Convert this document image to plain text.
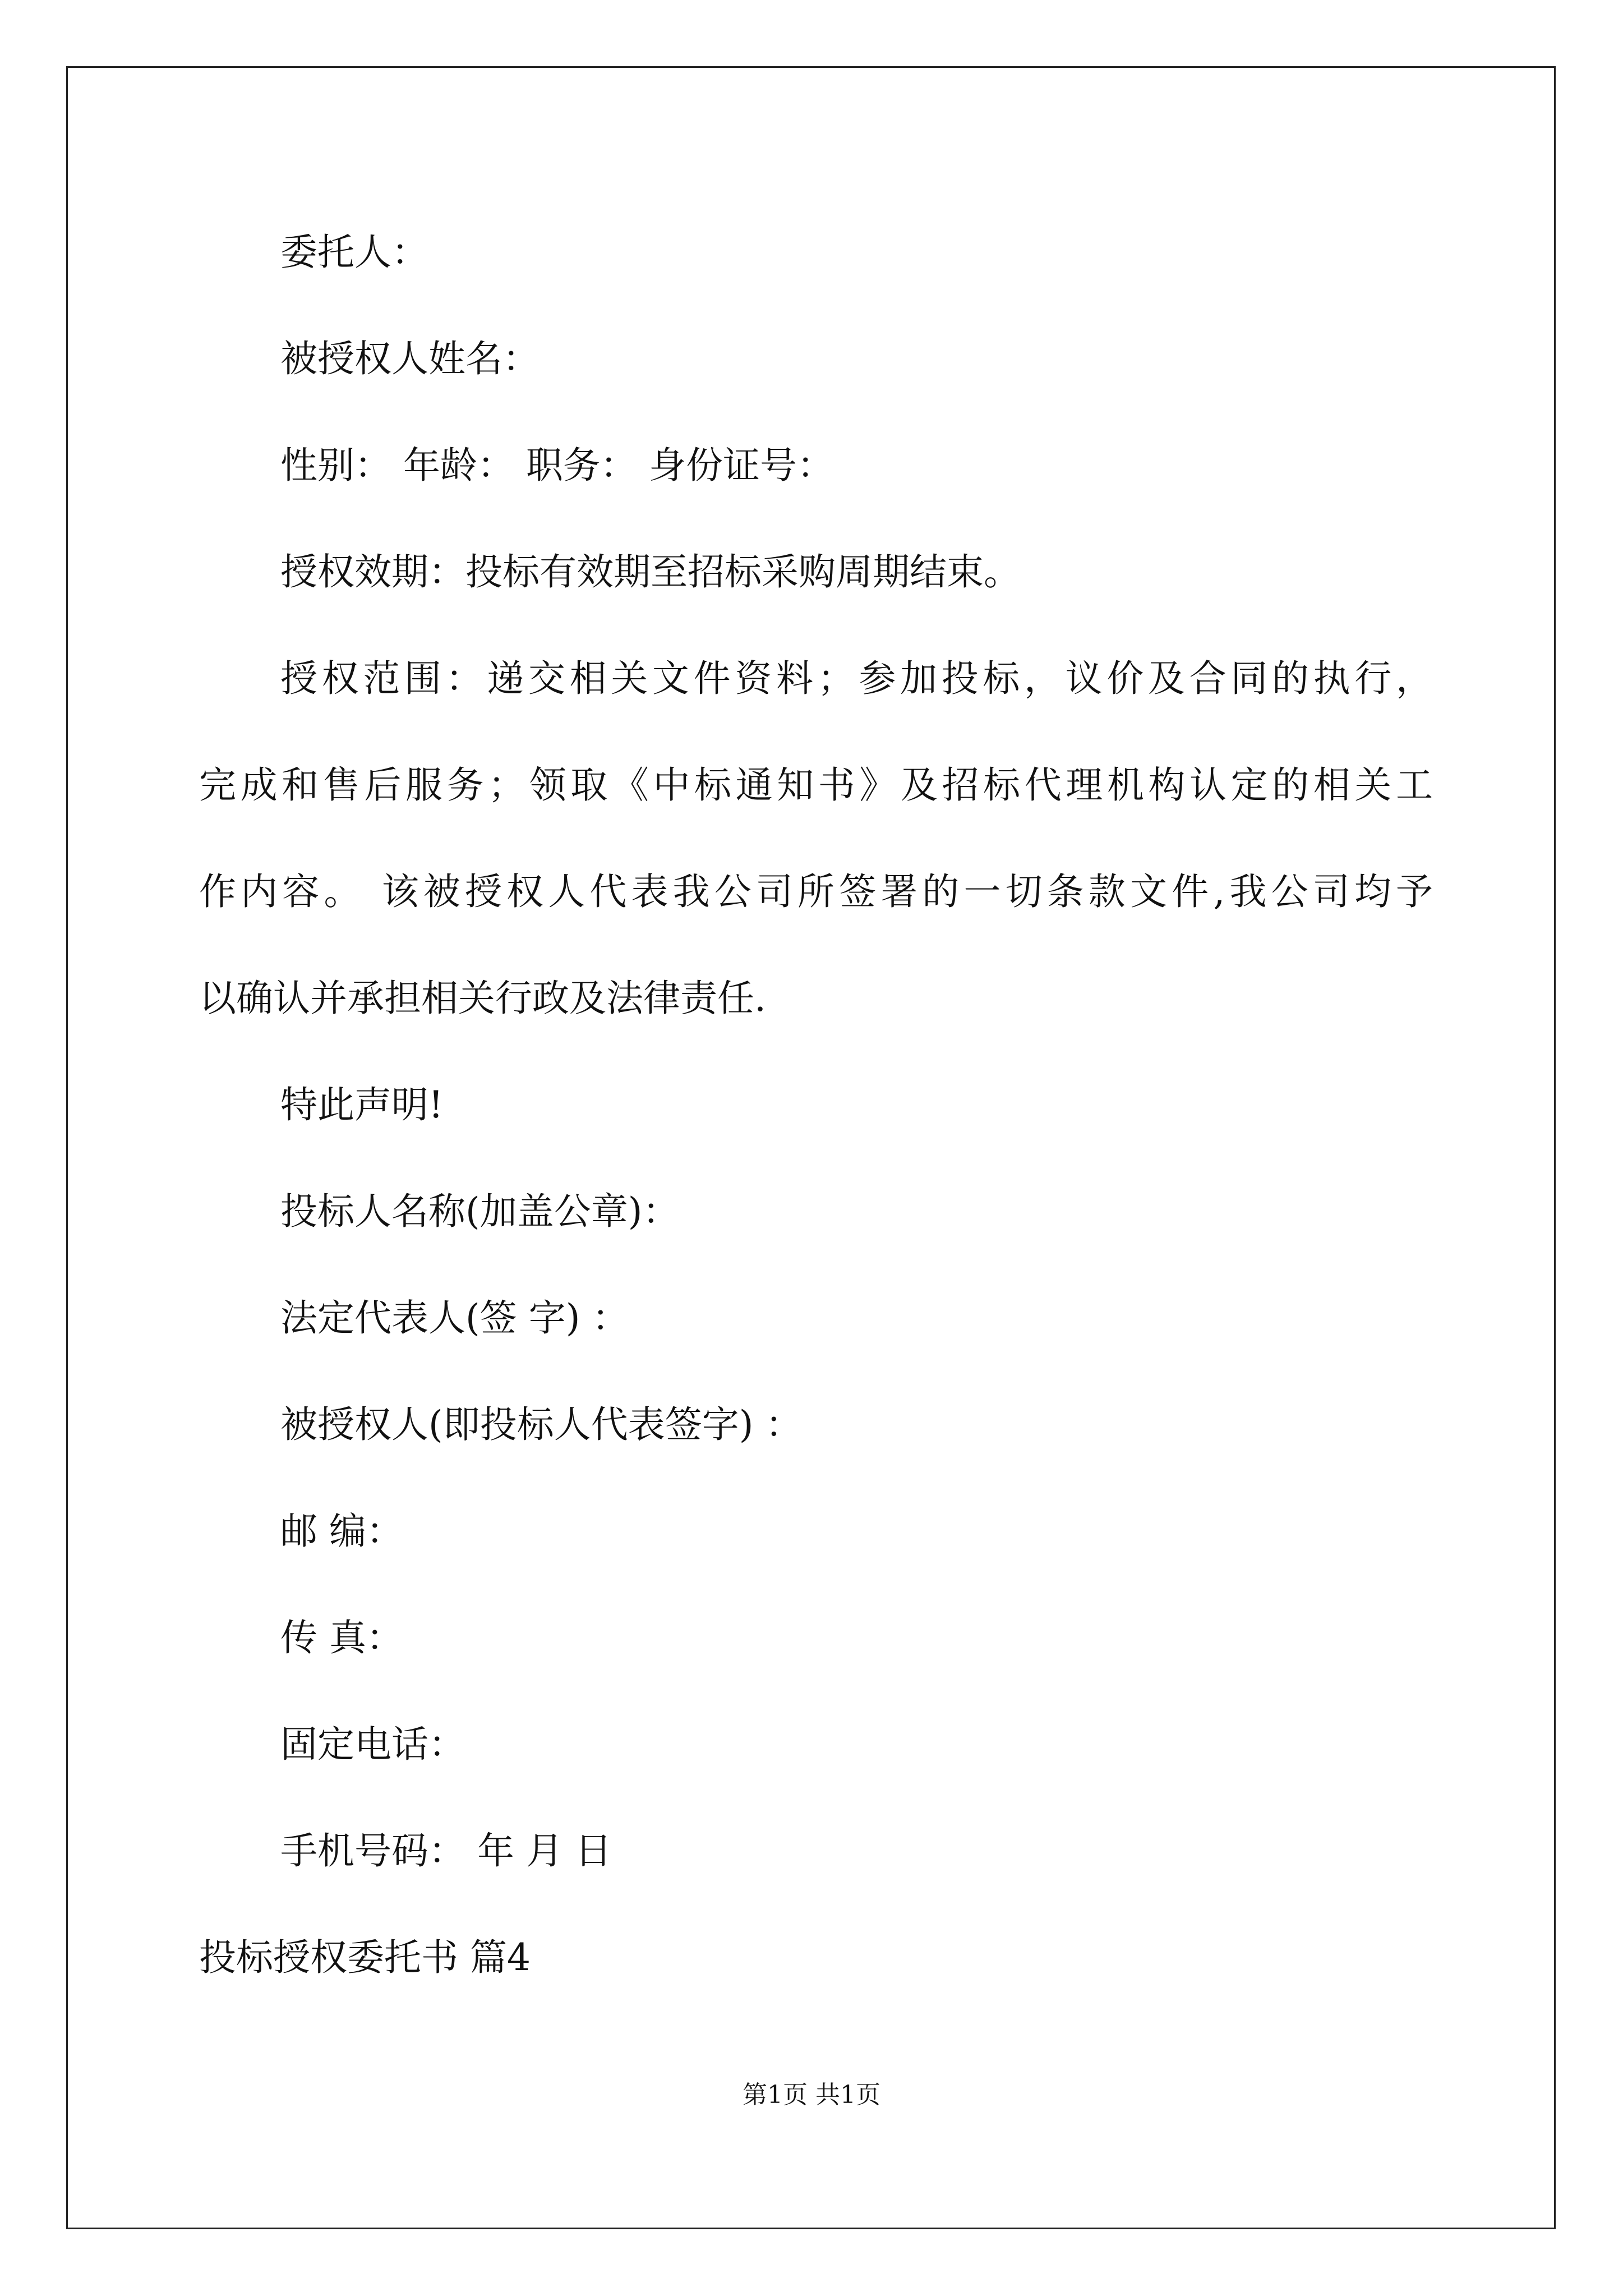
委托人：
被授权人姓名：
性别： 年龄： 职务： 身份证号：
授权效期：投标有效期至招标采购周期结束。
授权范围：递交相关文件资料；参加投标，议价及合同的执行，
完成和售后服务；领取《中标通知书》及招标代理机构认定的相关工
作内容。 该被授权人代表我公司所签署的一切条款文件,我公司均予
以确认并承担相关行政及法律责任.
特此声明!
投标人名称(加盖公章)：
法定代表人(签 字) ：
被授权人(即投标人代表签字) ：
邮 编：
传 真：
固定电话：
手机号码： 年 月 日
投标授权委托书 篇4
第1页 共1页
